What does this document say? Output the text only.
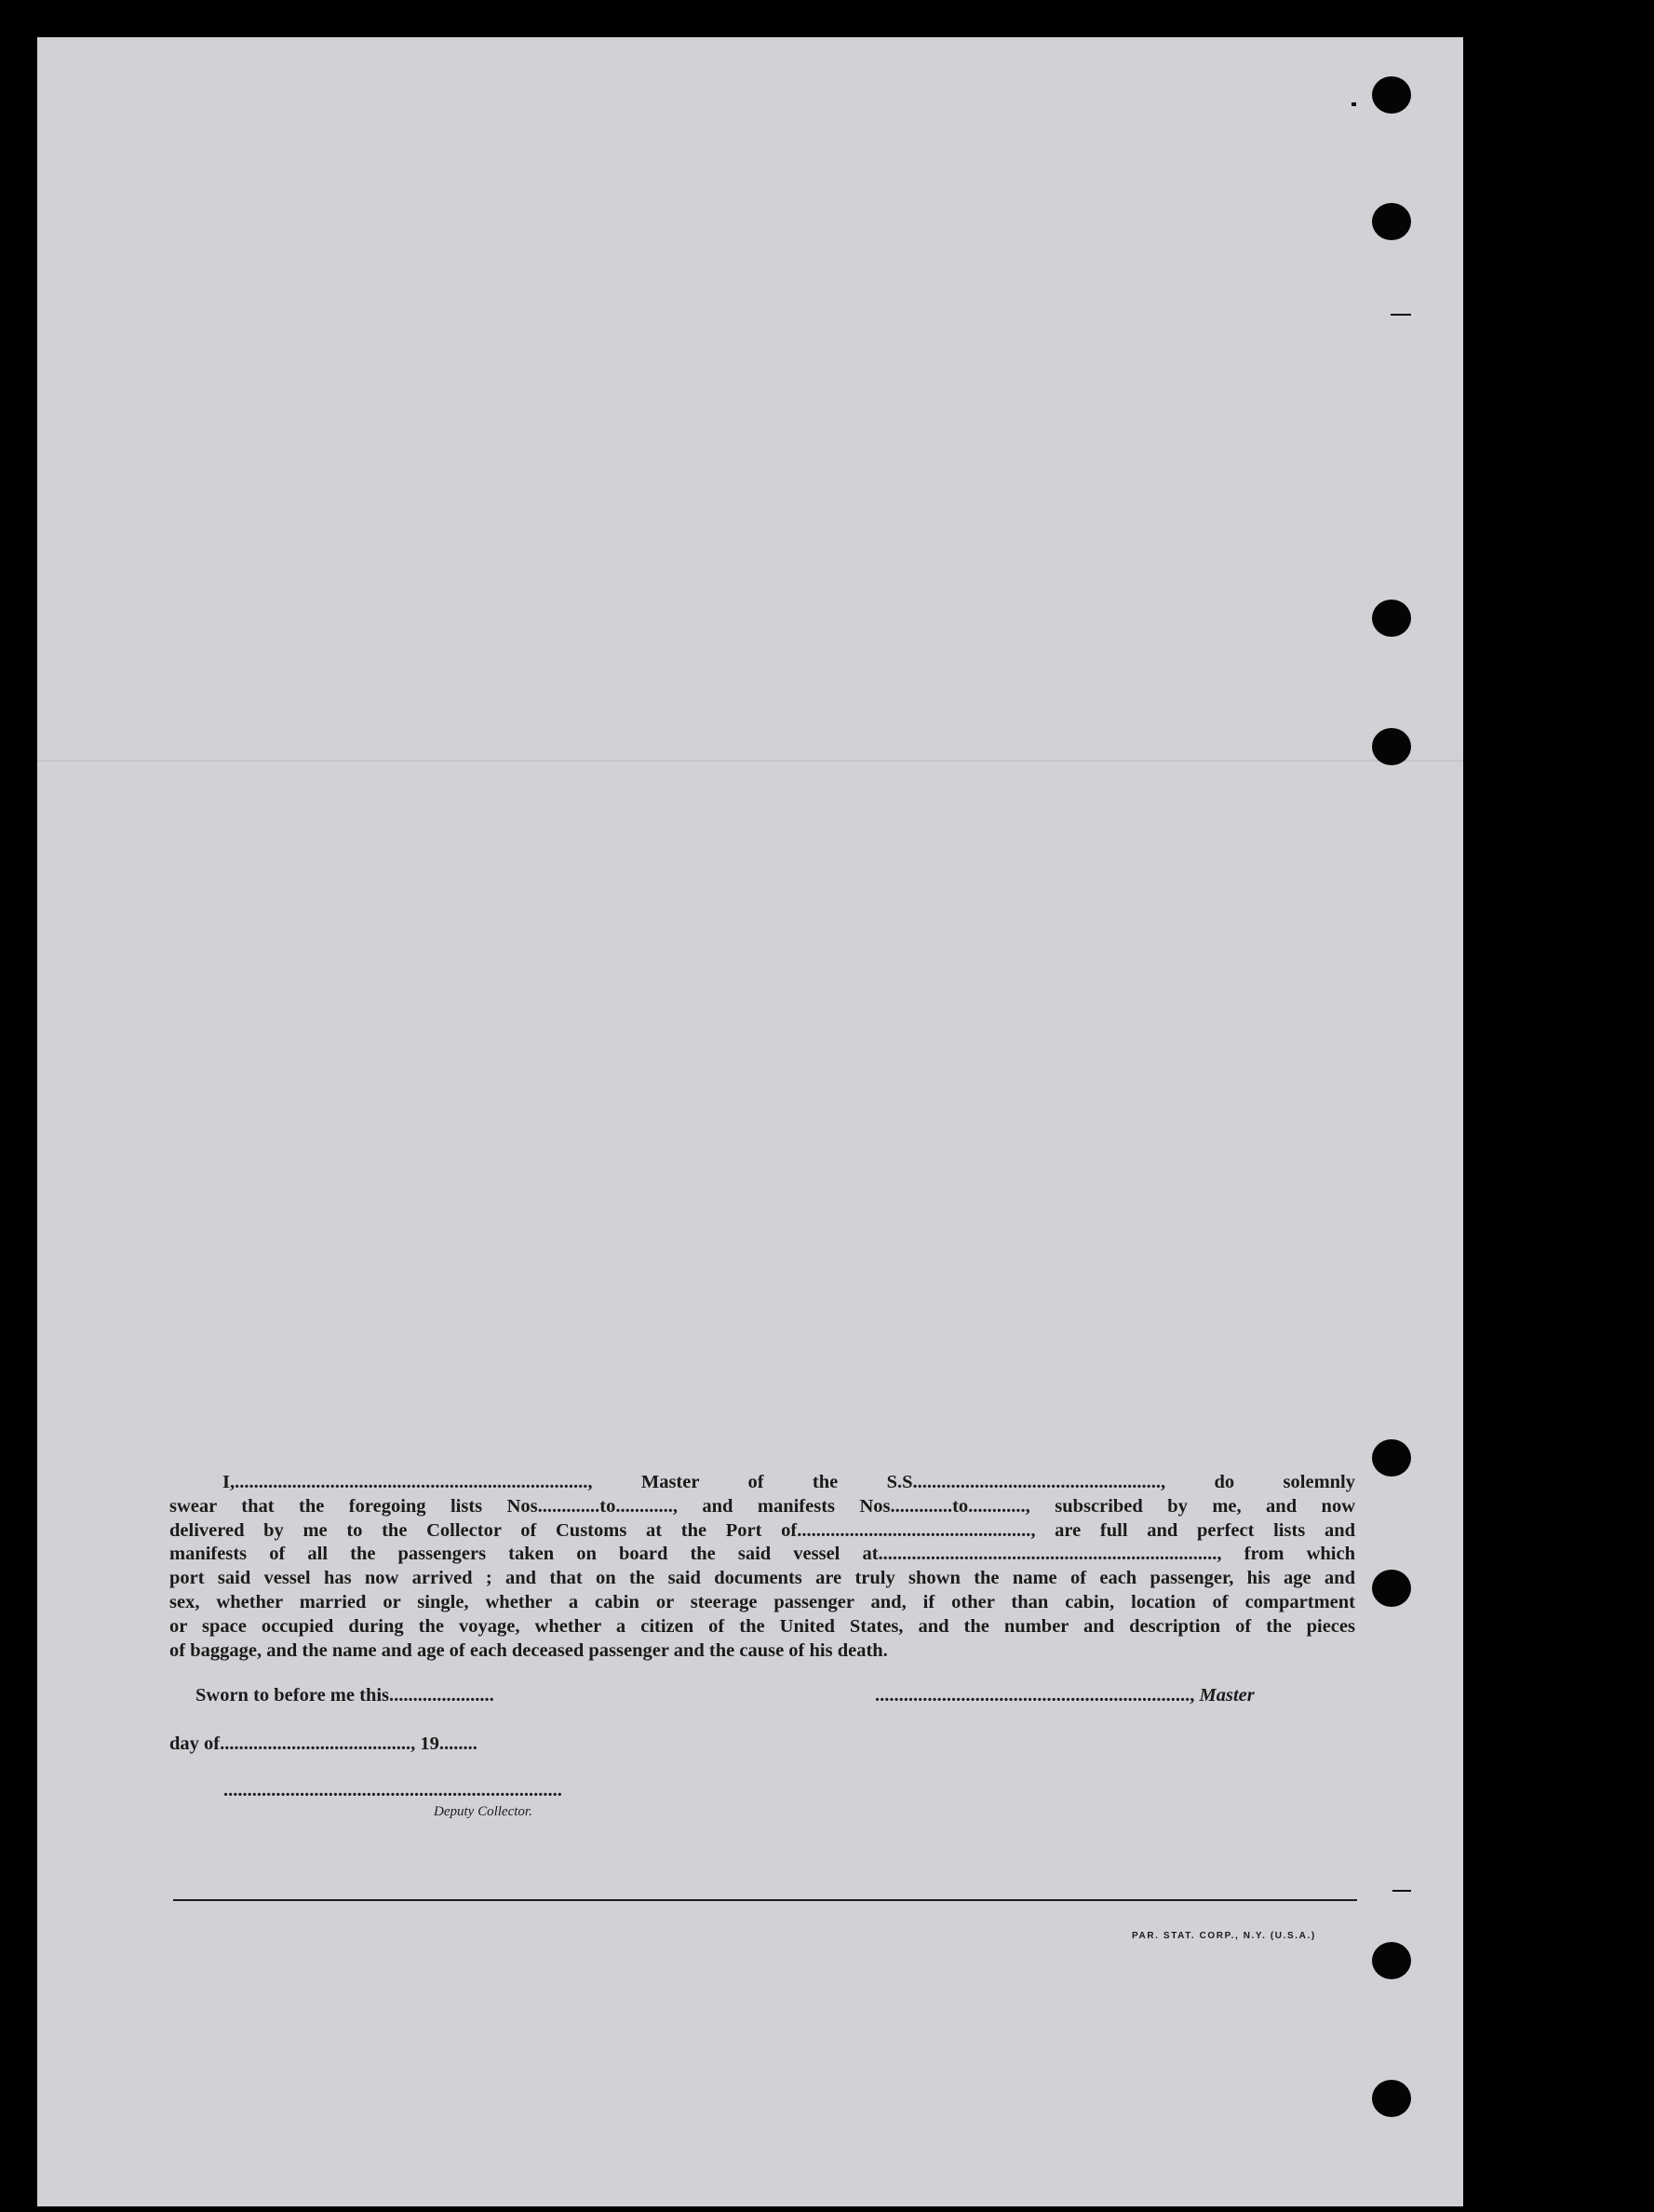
I,.........................................................................., Master of the S.S...................................................., do solemnly
swear that the foregoing lists Nos.............to............, and manifests Nos.............to............, subscribed by me, and now
delivered by me to the Collector of Customs at the Port of................................................., are full and perfect lists and
manifests of all the passengers taken on board the said vessel at......................................................................., from which
port said vessel has now arrived ; and that on the said documents are truly shown the name of each passenger, his age and
sex, whether married or single, whether a cabin or steerage passenger and, if other than cabin, location of compartment
or space occupied during the voyage, whether a citizen of the United States, and the number and description of the pieces
of baggage, and the name and age of each deceased passenger and the cause of his death.

Sworn to before me this......................	.................................................................., Master
day of........................................, 19........
.......................................................................
Deputy Collector.
PAR. STAT. CORP., N.Y. (U.S.A.)
